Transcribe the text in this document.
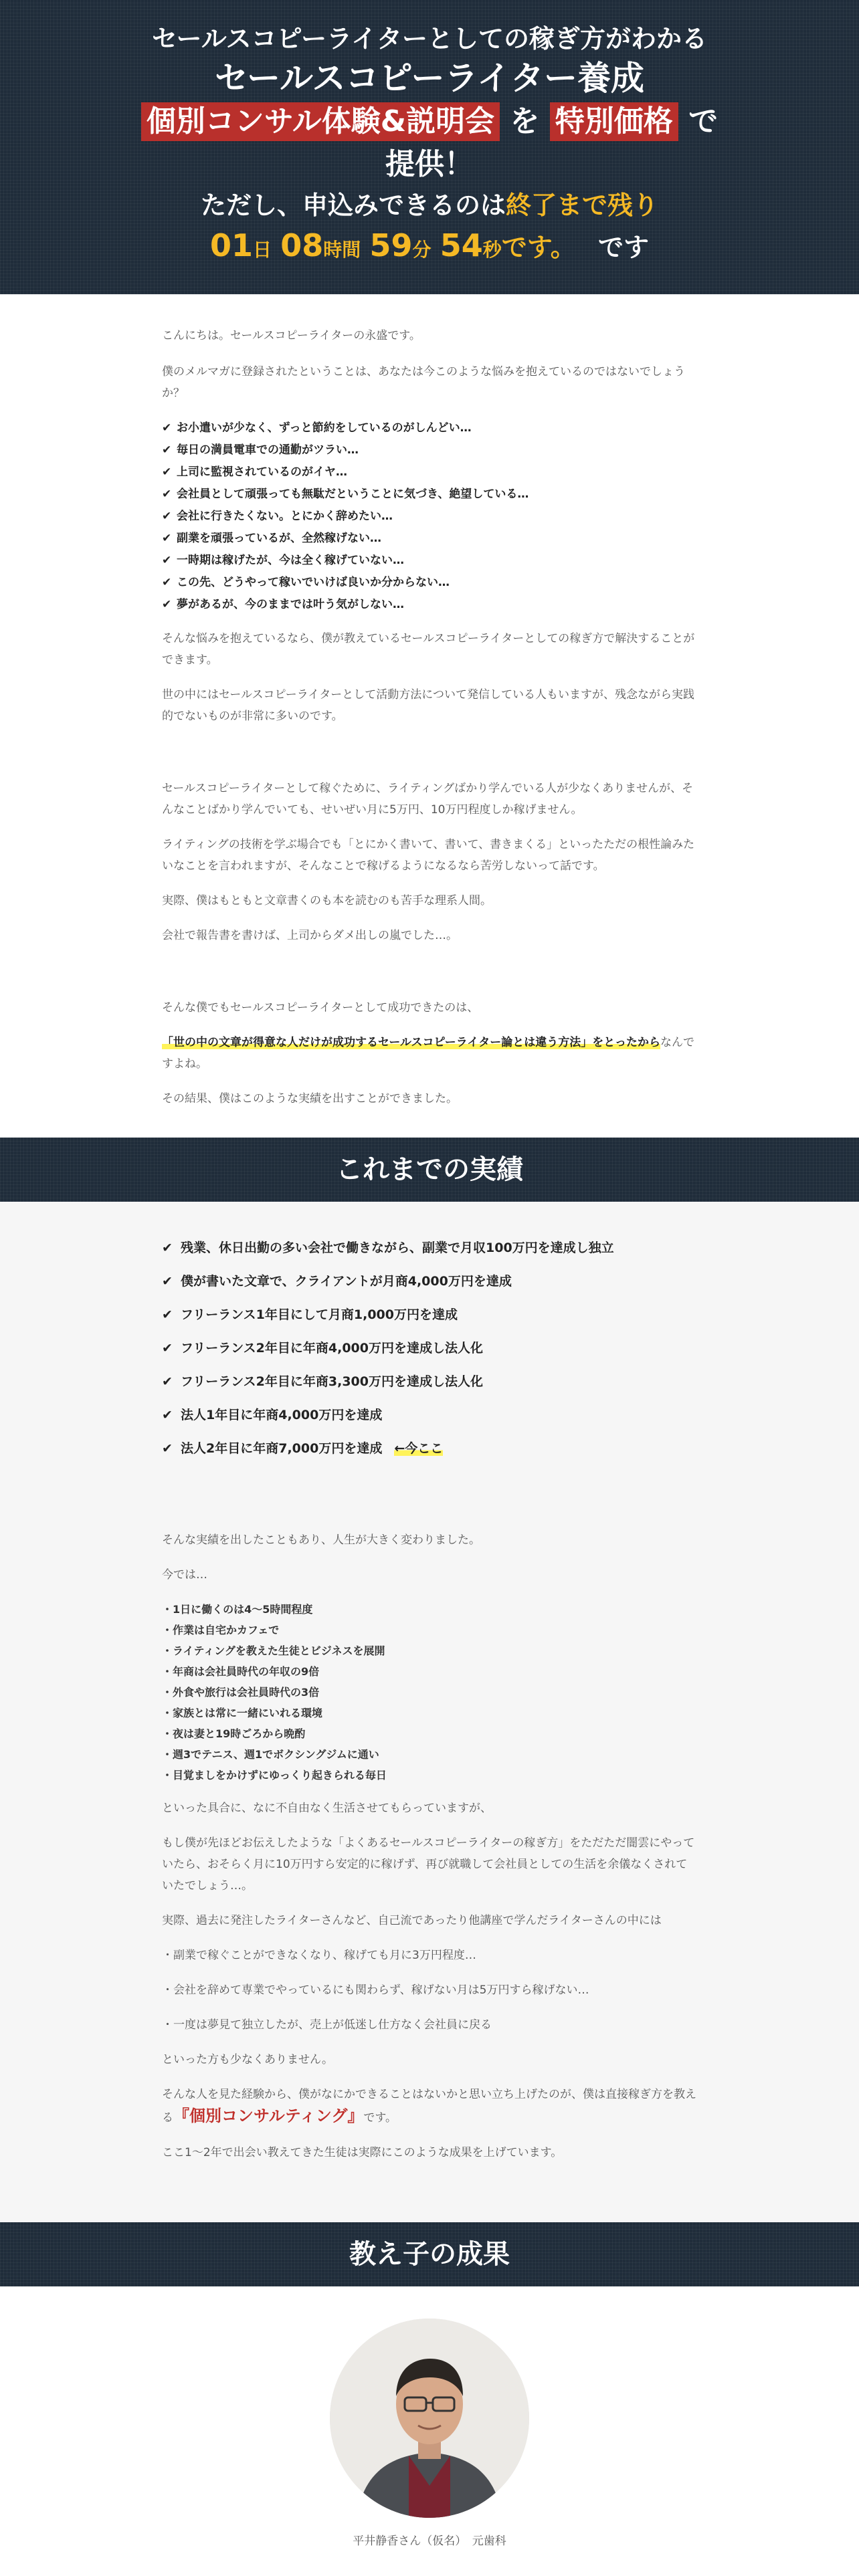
セールスコピーライターとしての稼ぎ方がわかる
セールスコピーライター養成
個別コンサル体験&説明会 を 特別価格 で
提供！
ただし、申込みできるのは終了まで残り
01日 08時間 59分 54秒です。 です

こんにちは。セールスコピーライターの永盛です。

僕のメルマガに登録されたということは、あなたは今このような悩みを抱えているのではないでしょうか？

✔ お小遣いが少なく、ずっと節約をしているのがしんどい…
✔ 毎日の満員電車での通勤がツラい…
✔ 上司に監視されているのがイヤ…
✔ 会社員として頑張っても無駄だということに気づき、絶望している…
✔ 会社に行きたくない。とにかく辞めたい…
✔ 副業を頑張っているが、全然稼げない…
✔ 一時期は稼げたが、今は全く稼げていない…
✔ この先、どうやって稼いでいけば良いか分からない…
✔ 夢があるが、今のままでは叶う気がしない…

そんな悩みを抱えているなら、僕が教えているセールスコピーライターとしての稼ぎ方で解決することができます。

世の中にはセールスコピーライターとして活動方法について発信している人もいますが、残念ながら実践的でないものが非常に多いのです。

セールスコピーライターとして稼ぐために、ライティングばかり学んでいる人が少なくありませんが、そんなことばかり学んでいても、せいぜい月に5万円、10万円程度しか稼げません。

ライティングの技術を学ぶ場合でも「とにかく書いて、書いて、書きまくる」といったただの根性論みたいなことを言われますが、そんなことで稼げるようになるなら苦労しないって話です。

実際、僕はもともと文章書くのも本を読むのも苦手な理系人間。

会社で報告書を書けば、上司からダメ出しの嵐でした…。

そんな僕でもセールスコピーライターとして成功できたのは、

「世の中の文章が得意な人だけが成功するセールスコピーライター論とは違う方法」をとったからなんですよね。

その結果、僕はこのような実績を出すことができました。

これまでの実績
✔ 残業、休日出勤の多い会社で働きながら、副業で月収100万円を達成し独立
✔ 僕が書いた文章で、クライアントが月商4,000万円を達成
✔ フリーランス1年目にして月商1,000万円を達成
✔ フリーランス2年目に年商4,000万円を達成し法人化
✔ フリーランス2年目に年商3,300万円を達成し法人化
✔ 法人1年目に年商4,000万円を達成
✔ 法人2年目に年商7,000万円を達成 ←今ここ

そんな実績を出したこともあり、人生が大きく変わりました。

今では…

・1日に働くのは4〜5時間程度
・作業は自宅かカフェで
・ライティングを教えた生徒とビジネスを展開
・年商は会社員時代の年収の9倍
・外食や旅行は会社員時代の3倍
・家族とは常に一緒にいれる環境
・夜は妻と19時ごろから晩酌
・週3でテニス、週1でボクシングジムに通い
・目覚ましをかけずにゆっくり起きられる毎日

といった具合に、なに不自由なく生活させてもらっていますが、

もし僕が先ほどお伝えしたような「よくあるセールスコピーライターの稼ぎ方」をただただ闇雲にやっていたら、おそらく月に10万円すら安定的に稼げず、再び就職して会社員としての生活を余儀なくされていたでしょう…。

実際、過去に発注したライターさんなど、自己流であったり他講座で学んだライターさんの中には

・副業で稼ぐことができなくなり、稼げても月に3万円程度…

・会社を辞めて専業でやっているにも関わらず、稼げない月は5万円すら稼げない…

・一度は夢見て独立したが、売上が低迷し仕方なく会社員に戻る

といった方も少なくありません。

そんな人を見た経験から、僕がなにかできることはないかと思い立ち上げたのが、僕は直接稼ぎ方を教える『個別コンサルティング』です。

ここ1〜2年で出会い教えてきた生徒は実際にこのような成果を上げています。

教え子の成果
平井静香さん（仮名）　元歯科
